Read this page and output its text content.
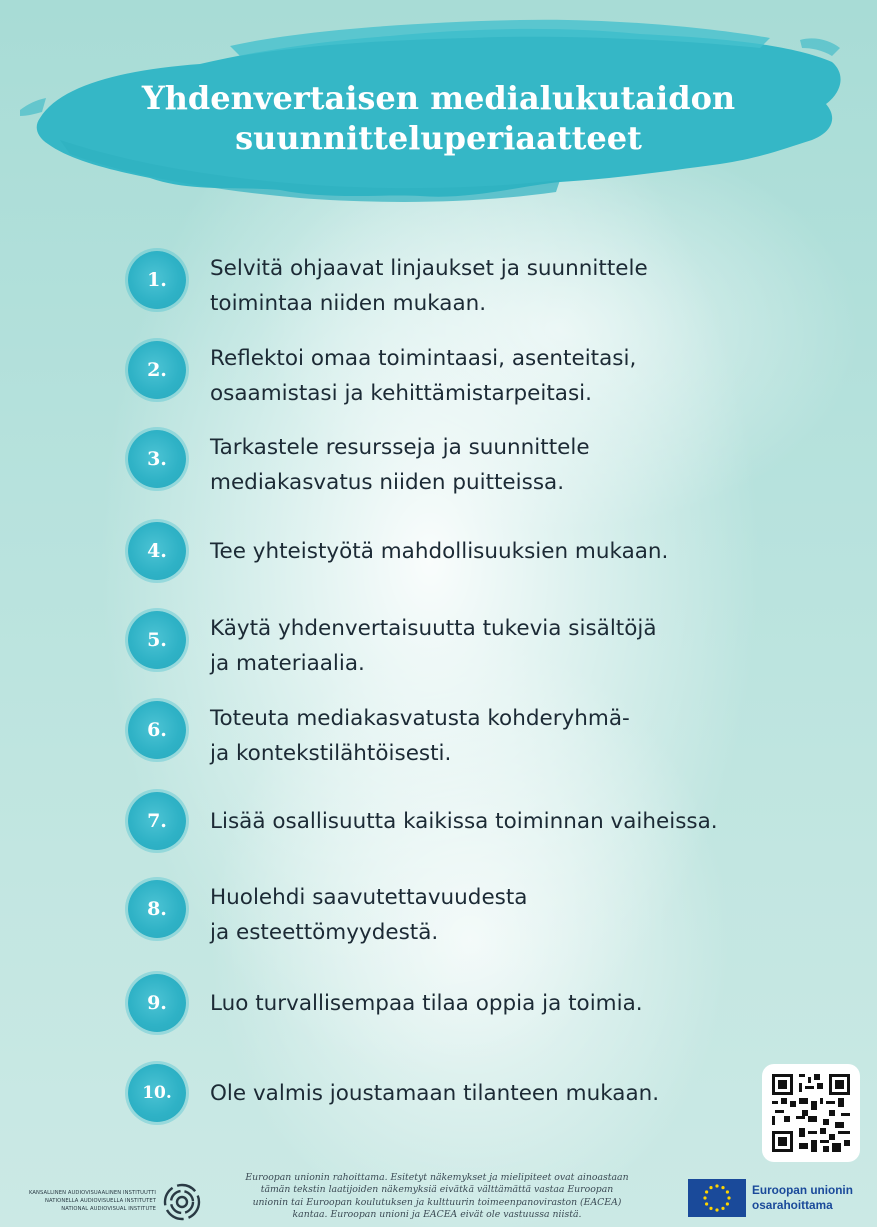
Yhdenvertaisen medialukutaidon
suunnitteluperiaatteet
1.	Selvitä ohjaavat linjaukset ja suunnittele
toimintaa niiden mukaan.
2.	Reflektoi omaa toimintaasi, asenteitasi,
osaamistasi ja kehittämistarpeitasi.
3.	Tarkastele resursseja ja suunnittele
mediakasvatus niiden puitteissa.
4.	Tee yhteistyötä mahdollisuuksien mukaan.
5.	Käytä yhdenvertaisuutta tukevia sisältöjä
ja materiaalia.
6.	Toteuta mediakasvatusta kohderyhmä-
ja kontekstilähtöisesti.
7.	Lisää osallisuutta kaikissa toiminnan vaiheissa.
8.	Huolehdi saavutettavuudesta
ja esteettömyydestä.
9.	Luo turvallisempaa tilaa oppia ja toimia.
10.	Ole valmis joustamaan tilanteen mukaan.
KANSALLINEN AUDIOVISUAALINEN INSTITUUTTI
NATIONELLA AUDIOVISUELLA INSTITUTET
NATIONAL AUDIOVISUAL INSTITUTE
Euroopan unionin rahoittama. Esitetyt näkemykset ja mielipiteet ovat ainoastaan
tämän tekstin laatijoiden näkemyksiä eivätkä välttämättä vastaa Euroopan
unionin tai Euroopan koulutuksen ja kulttuurin toimeenpanoviraston (EACEA)
kantaa. Euroopan unioni ja EACEA eivät ole vastuussa niistä.
Euroopan unionin
osarahoittama
